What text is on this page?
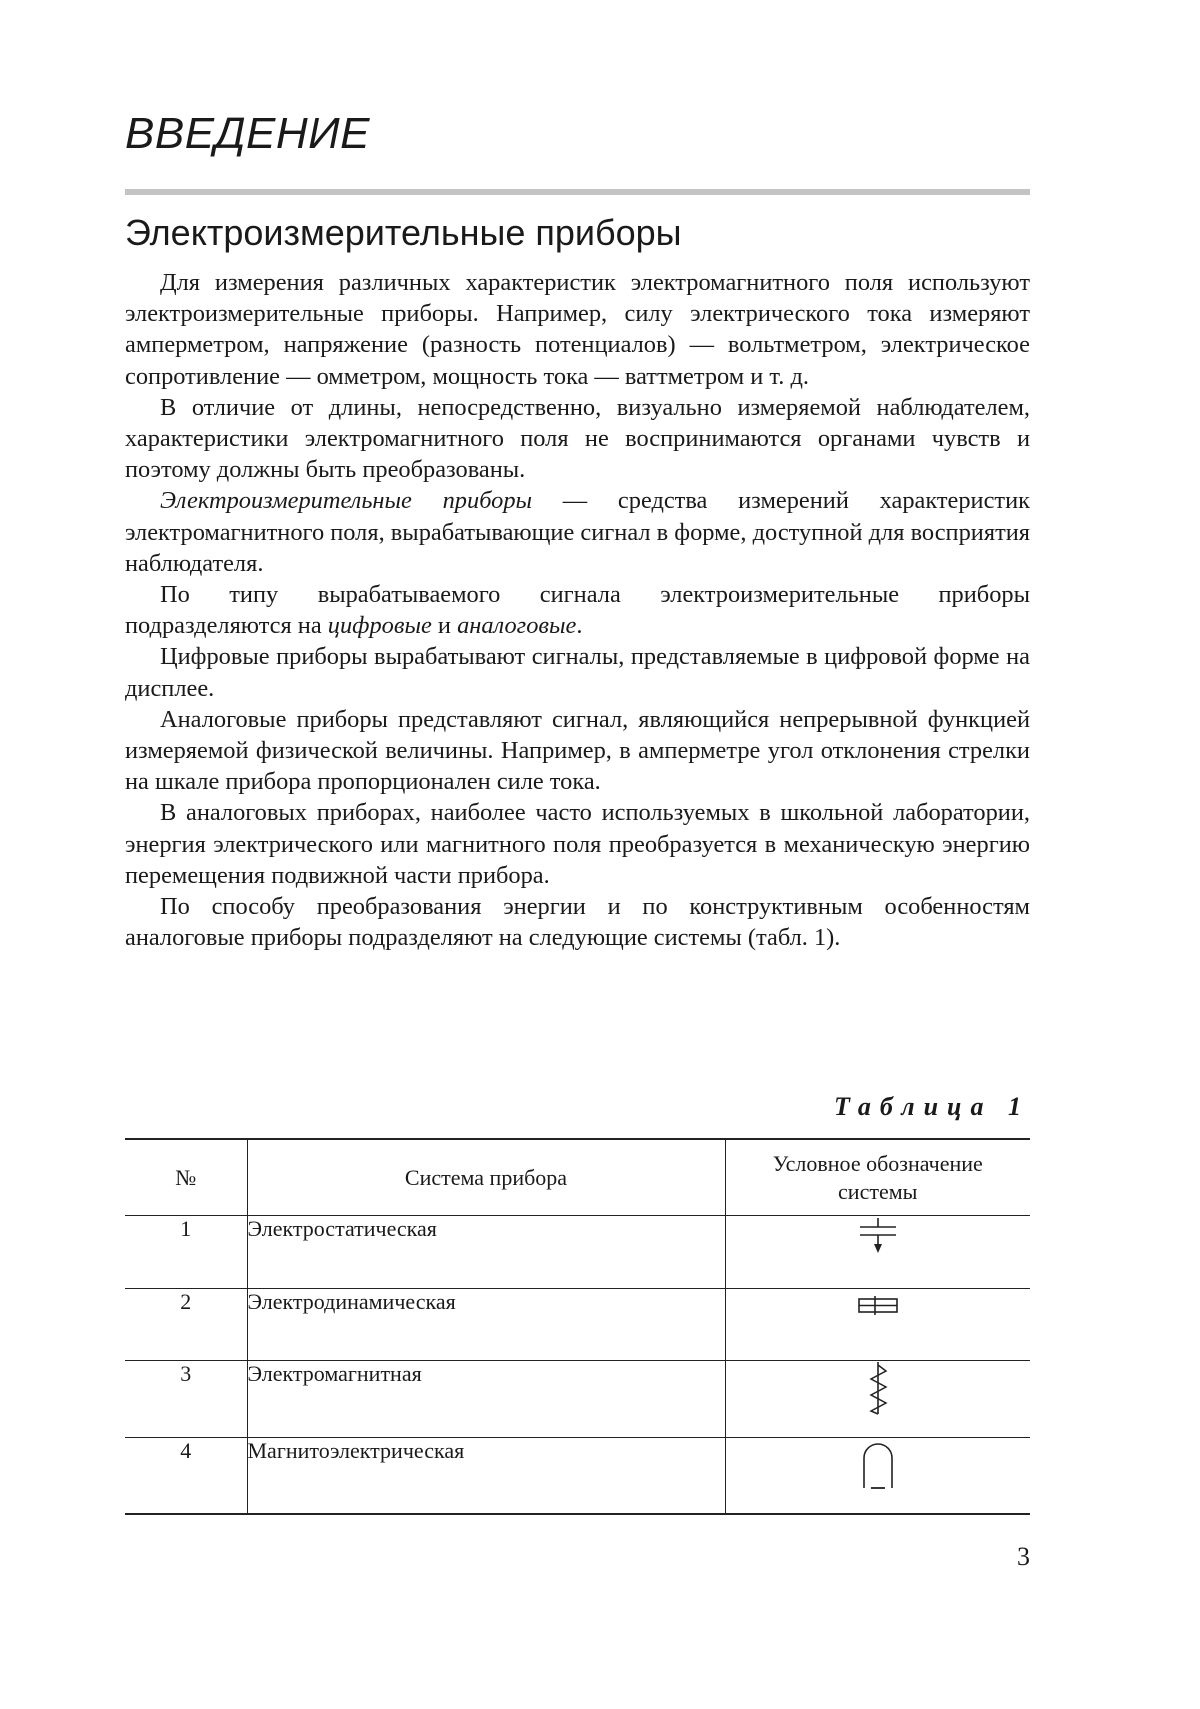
ВВЕДЕНИЕ
Электроизмерительные приборы

Для измерения различных характеристик электромагнитного поля используют электроизмерительные приборы. Например, силу электрического тока измеряют амперметром, напряжение (разность потенциалов) — вольтметром, электрическое сопротивление — омметром, мощность тока — ваттметром и т. д.

В отличие от длины, непосредственно, визуально измеряемой наблюдателем, характеристики электромагнитного поля не воспринимаются органами чувств и поэтому должны быть преобразованы.

Электроизмерительные приборы — средства измерений характеристик электромагнитного поля, вырабатывающие сигнал в форме, доступной для восприятия наблюдателя.

По типу вырабатываемого сигнала электроизмерительные приборы подразделяются на цифровые и аналоговые.

Цифровые приборы вырабатывают сигналы, представляемые в цифровой форме на дисплее.

Аналоговые приборы представляют сигнал, являющийся непрерывной функцией измеряемой физической величины. Например, в амперметре угол отклонения стрелки на шкале прибора пропорционален силе тока.

В аналоговых приборах, наиболее часто используемых в школьной лаборатории, энергия электрического или магнитного поля преобразуется в механическую энергию перемещения подвижной части прибора.

По способу преобразования энергии и по конструктивным особенностям аналоговые приборы подразделяют на следующие системы (табл. 1).

Таблица 1
№	Система прибора	Условное обозначение системы

1	Электростатическая	
2	Электродинамическая	
3	Электромагнитная	
4	Магнитоэлектрическая	
3
